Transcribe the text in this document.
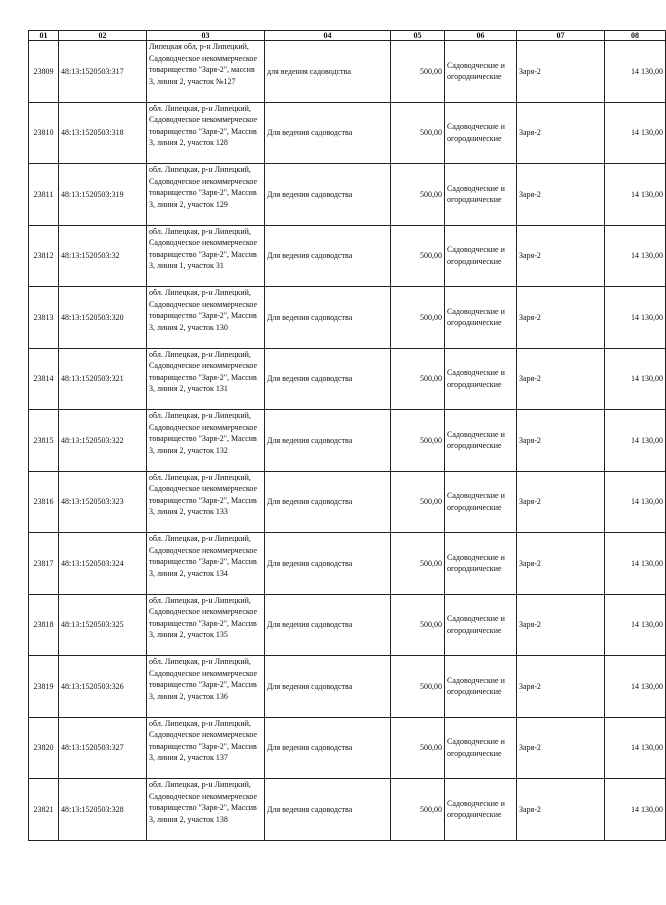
01	02	03	04	05	06	07	08
23809	48:13:1520503:317	Липецкая обл, р-н Липецкий, Садоводческое некоммерческое товарищество "Заря-2", массив 3, линия 2, участок №127	для ведения садоводства	500,00	Садоводческие и огороднические	Заря-2	14 130,00
23810	48:13:1520503:318	обл. Липецкая, р-н Липецкий, Садоводческое некоммерческое товарищество "Заря-2", Массив 3, линия 2, участок 128	Для ведения садоводства	500,00	Садоводческие и огороднические	Заря-2	14 130,00
23811	48:13:1520503:319	обл. Липецкая, р-н Липецкий, Садоводческое некоммерческое товарищество "Заря-2", Массив 3, линия 2, участок 129	Для ведения садоводства	500,00	Садоводческие и огороднические	Заря-2	14 130,00
23812	48:13:1520503:32	обл. Липецкая, р-н Липецкий, Садоводческое некоммерческое товарищество "Заря-2", Массив 3, линия 1, участок 31	Для ведения садоводства	500,00	Садоводческие и огороднические	Заря-2	14 130,00
23813	48:13:1520503:320	обл. Липецкая, р-н Липецкий, Садоводческое некоммерческое товарищество "Заря-2", Массив 3, линия 2, участок 130	Для ведения садоводства	500,00	Садоводческие и огороднические	Заря-2	14 130,00
23814	48:13:1520503:321	обл. Липецкая, р-н Липецкий, Садоводческое некоммерческое товарищество "Заря-2", Массив 3, линия 2, участок 131	Для ведения садоводства	500,00	Садоводческие и огороднические	Заря-2	14 130,00
23815	48:13:1520503:322	обл. Липецкая, р-н Липецкий, Садоводческое некоммерческое товарищество "Заря-2", Массив 3, линия 2, участок 132	Для ведения садоводства	500,00	Садоводческие и огороднические	Заря-2	14 130,00
23816	48:13:1520503:323	обл. Липецкая, р-н Липецкий, Садоводческое некоммерческое товарищество "Заря-2", Массив 3, линия 2, участок 133	Для ведения садоводства	500,00	Садоводческие и огороднические	Заря-2	14 130,00
23817	48:13:1520503:324	обл. Липецкая, р-н Липецкий, Садоводческое некоммерческое товарищество "Заря-2", Массив 3, линия 2, участок 134	Для ведения садоводства	500,00	Садоводческие и огороднические	Заря-2	14 130,00
23818	48:13:1520503:325	обл. Липецкая, р-н Липецкий, Садоводческое некоммерческое товарищество "Заря-2", Массив 3, линия 2, участок 135	Для ведения садоводства	500,00	Садоводческие и огороднические	Заря-2	14 130,00
23819	48:13:1520503:326	обл. Липецкая, р-н Липецкий, Садоводческое некоммерческое товарищество "Заря-2", Массив 3, линия 2, участок 136	Для ведения садоводства	500,00	Садоводческие и огороднические	Заря-2	14 130,00
23820	48:13:1520503:327	обл. Липецкая, р-н Липецкий, Садоводческое некоммерческое товарищество "Заря-2", Массив 3, линия 2, участок 137	Для ведения садоводства	500,00	Садоводческие и огороднические	Заря-2	14 130,00
23821	48:13:1520503:328	обл. Липецкая, р-н Липецкий, Садоводческое некоммерческое товарищество "Заря-2", Массив 3, линия 2, участок 138	Для ведения садоводства	500,00	Садоводческие и огороднические	Заря-2	14 130,00
